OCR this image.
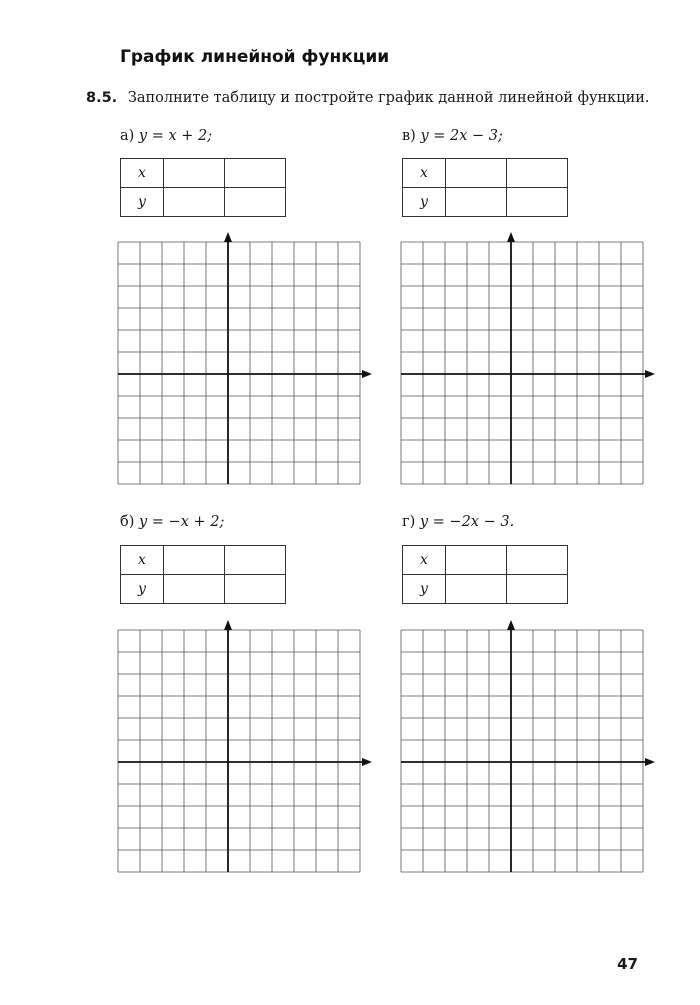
График линейной функции
8.5. Заполните таблицу и постройте график данной линейной функции.
а) y = x + 2;
x		
y		
в) y = 2x − 3;
x		
y		
б) y = −x + 2;
x		
y		
г) y = −2x − 3.
x		
y		
47
